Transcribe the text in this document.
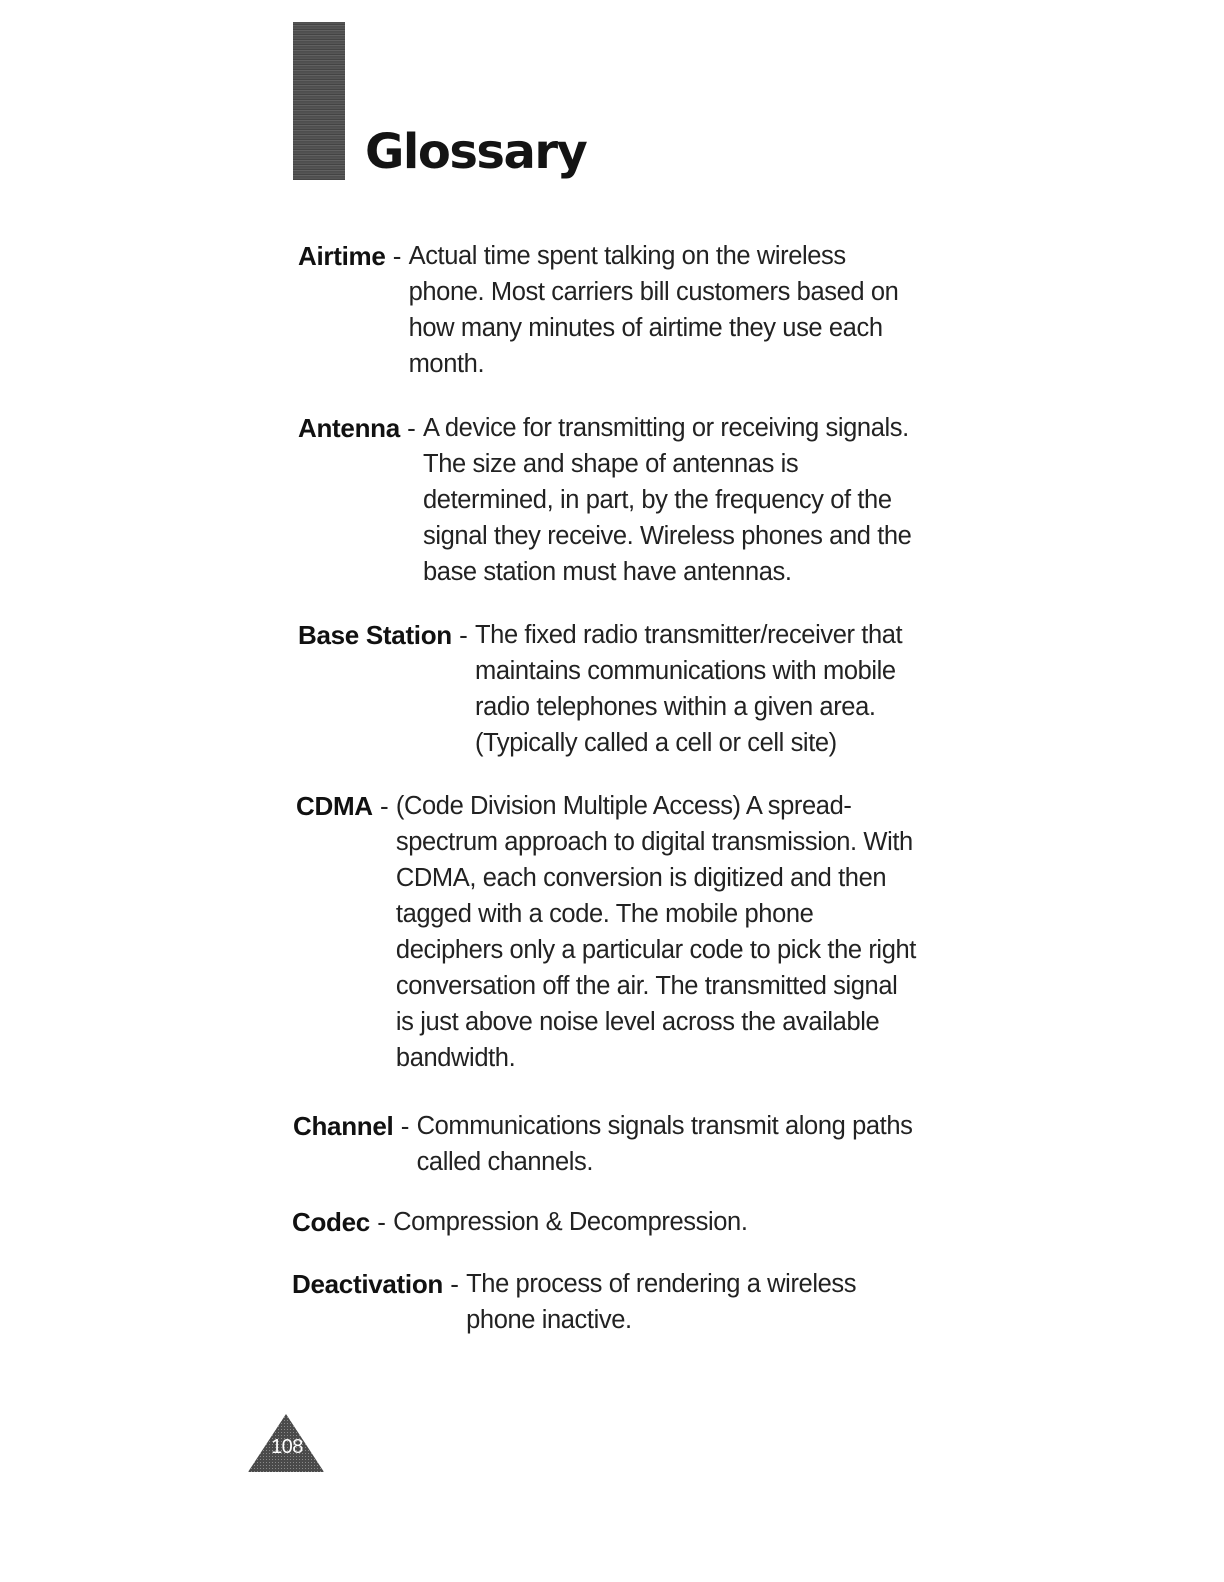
Glossary
Airtime - Actual time spent talking on the wireless phone. Most carriers bill customers based on how many minutes of airtime they use each month.
Antenna - A device for transmitting or receiving signals. The size and shape of antennas is determined, in part, by the frequency of the signal they receive. Wireless phones and the base station must have antennas.
Base Station - The fixed radio transmitter/receiver that maintains communications with mobile radio telephones within a given area. (Typically called a cell or cell site)
CDMA - (Code Division Multiple Access) A spread-spectrum approach to digital transmission. With CDMA, each conversion is digitized and then tagged with a code. The mobile phone deciphers only a particular code to pick the right conversation off the air. The transmitted signal is just above noise level across the available bandwidth.
Channel - Communications signals transmit along paths called channels.
Codec - Compression & Decompression.
Deactivation - The process of rendering a wireless phone inactive.
108
